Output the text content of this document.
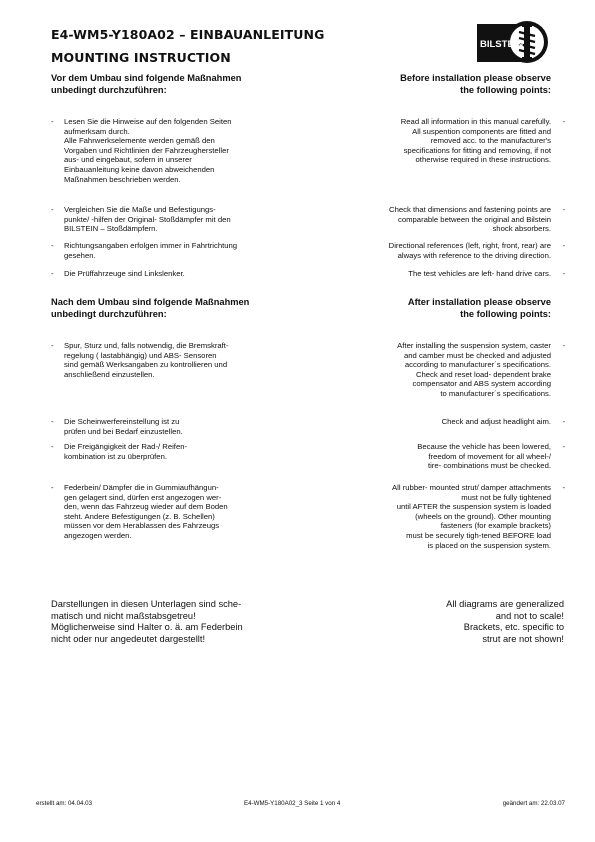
E4-WM5-Y180A02 – EINBAUANLEITUNG
MOUNTING INSTRUCTION
BILSTEIN
Vor dem Umbau sind folgende Maßnahmen
unbedingt durchzuführen:
Before installation please observe
the following points:
- Lesen Sie die Hinweise auf den folgenden Seiten
aufmerksam durch.
Alle Fahrwerkselemente werden gemäß den
Vorgaben und Richtlinien der Fahrzeughersteller
aus- und eingebaut, sofern in unserer
Einbauanleitung keine davon abweichenden
Maßnahmen beschrieben werden.
- Vergleichen Sie die Maße und Befestigungs-
punkte/ -hilfen der Original- Stoßdämpfer mit den
BILSTEIN – Stoßdämpfern.
- Richtungsangaben erfolgen immer in Fahrtrichtung
gesehen.
- Die Prüffahrzeuge sind Linkslenker.
Read all information in this manual carefully.
All suspention components are fitted and
removed acc. to the manufacturer's
specifications for fitting and removing, if not
otherwise required in these instructions.
-
Check that dimensions and fastening points are
comparable between the original and Bilstein
shock absorbers.
-
Directional references (left, right, front, rear) are
always with reference to the driving direction.
-
The test vehicles are left- hand drive cars. -
Nach dem Umbau sind folgende Maßnahmen
unbedingt durchzuführen:
After installation please observe
the following points:
- Spur, Sturz und, falls notwendig, die Bremskraft-
regelung ( lastabhängig) und ABS- Sensoren
sind gemäß Werksangaben zu kontrollieren und
anschließend einzustellen.
- Die Scheinwerfereinstellung ist zu
prüfen und bei Bedarf einzustellen.
- Die Freigängigkeit der Rad-/ Reifen-
kombination ist zu überprüfen.
- Federbein/ Dämpfer die in Gummiaufhängun-
gen gelagert sind, dürfen erst angezogen wer-
den, wenn das Fahrzeug wieder auf dem Boden
steht. Andere Befestigungen (z. B. Schellen)
müssen vor dem Herablassen des Fahrzeugs
angezogen werden.
After installing the suspension system, caster
and camber must be checked and adjusted
according to manufacturer´s specifications.
Check and reset load- dependent brake
compensator and ABS system according
to manufacturer´s specifications.
-
Check and adjust headlight aim. -
Because the vehicle has been lowered,
freedom of movement for all wheel-/
tire- combinations must be checked.
-
All rubber- mounted strut/ damper attachments
must not be fully tightened
until AFTER the suspension system is loaded
(wheels on the ground). Other mounting
fasteners (for example brackets)
must be securely tigh-tened BEFORE load
is placed on the suspension system.
-
Darstellungen in diesen Unterlagen sind sche-
matisch und nicht maßstabsgetreu!
Möglicherweise sind Halter o. ä. am Federbein
nicht oder nur angedeutet dargestellt!
All diagrams are generalized
and not to scale!
Brackets, etc. specific to
strut are not shown!
erstellt am: 04.04.03	E4-WM5-Y180A02_3 Seite 1 von 4	geändert am: 22.03.07
